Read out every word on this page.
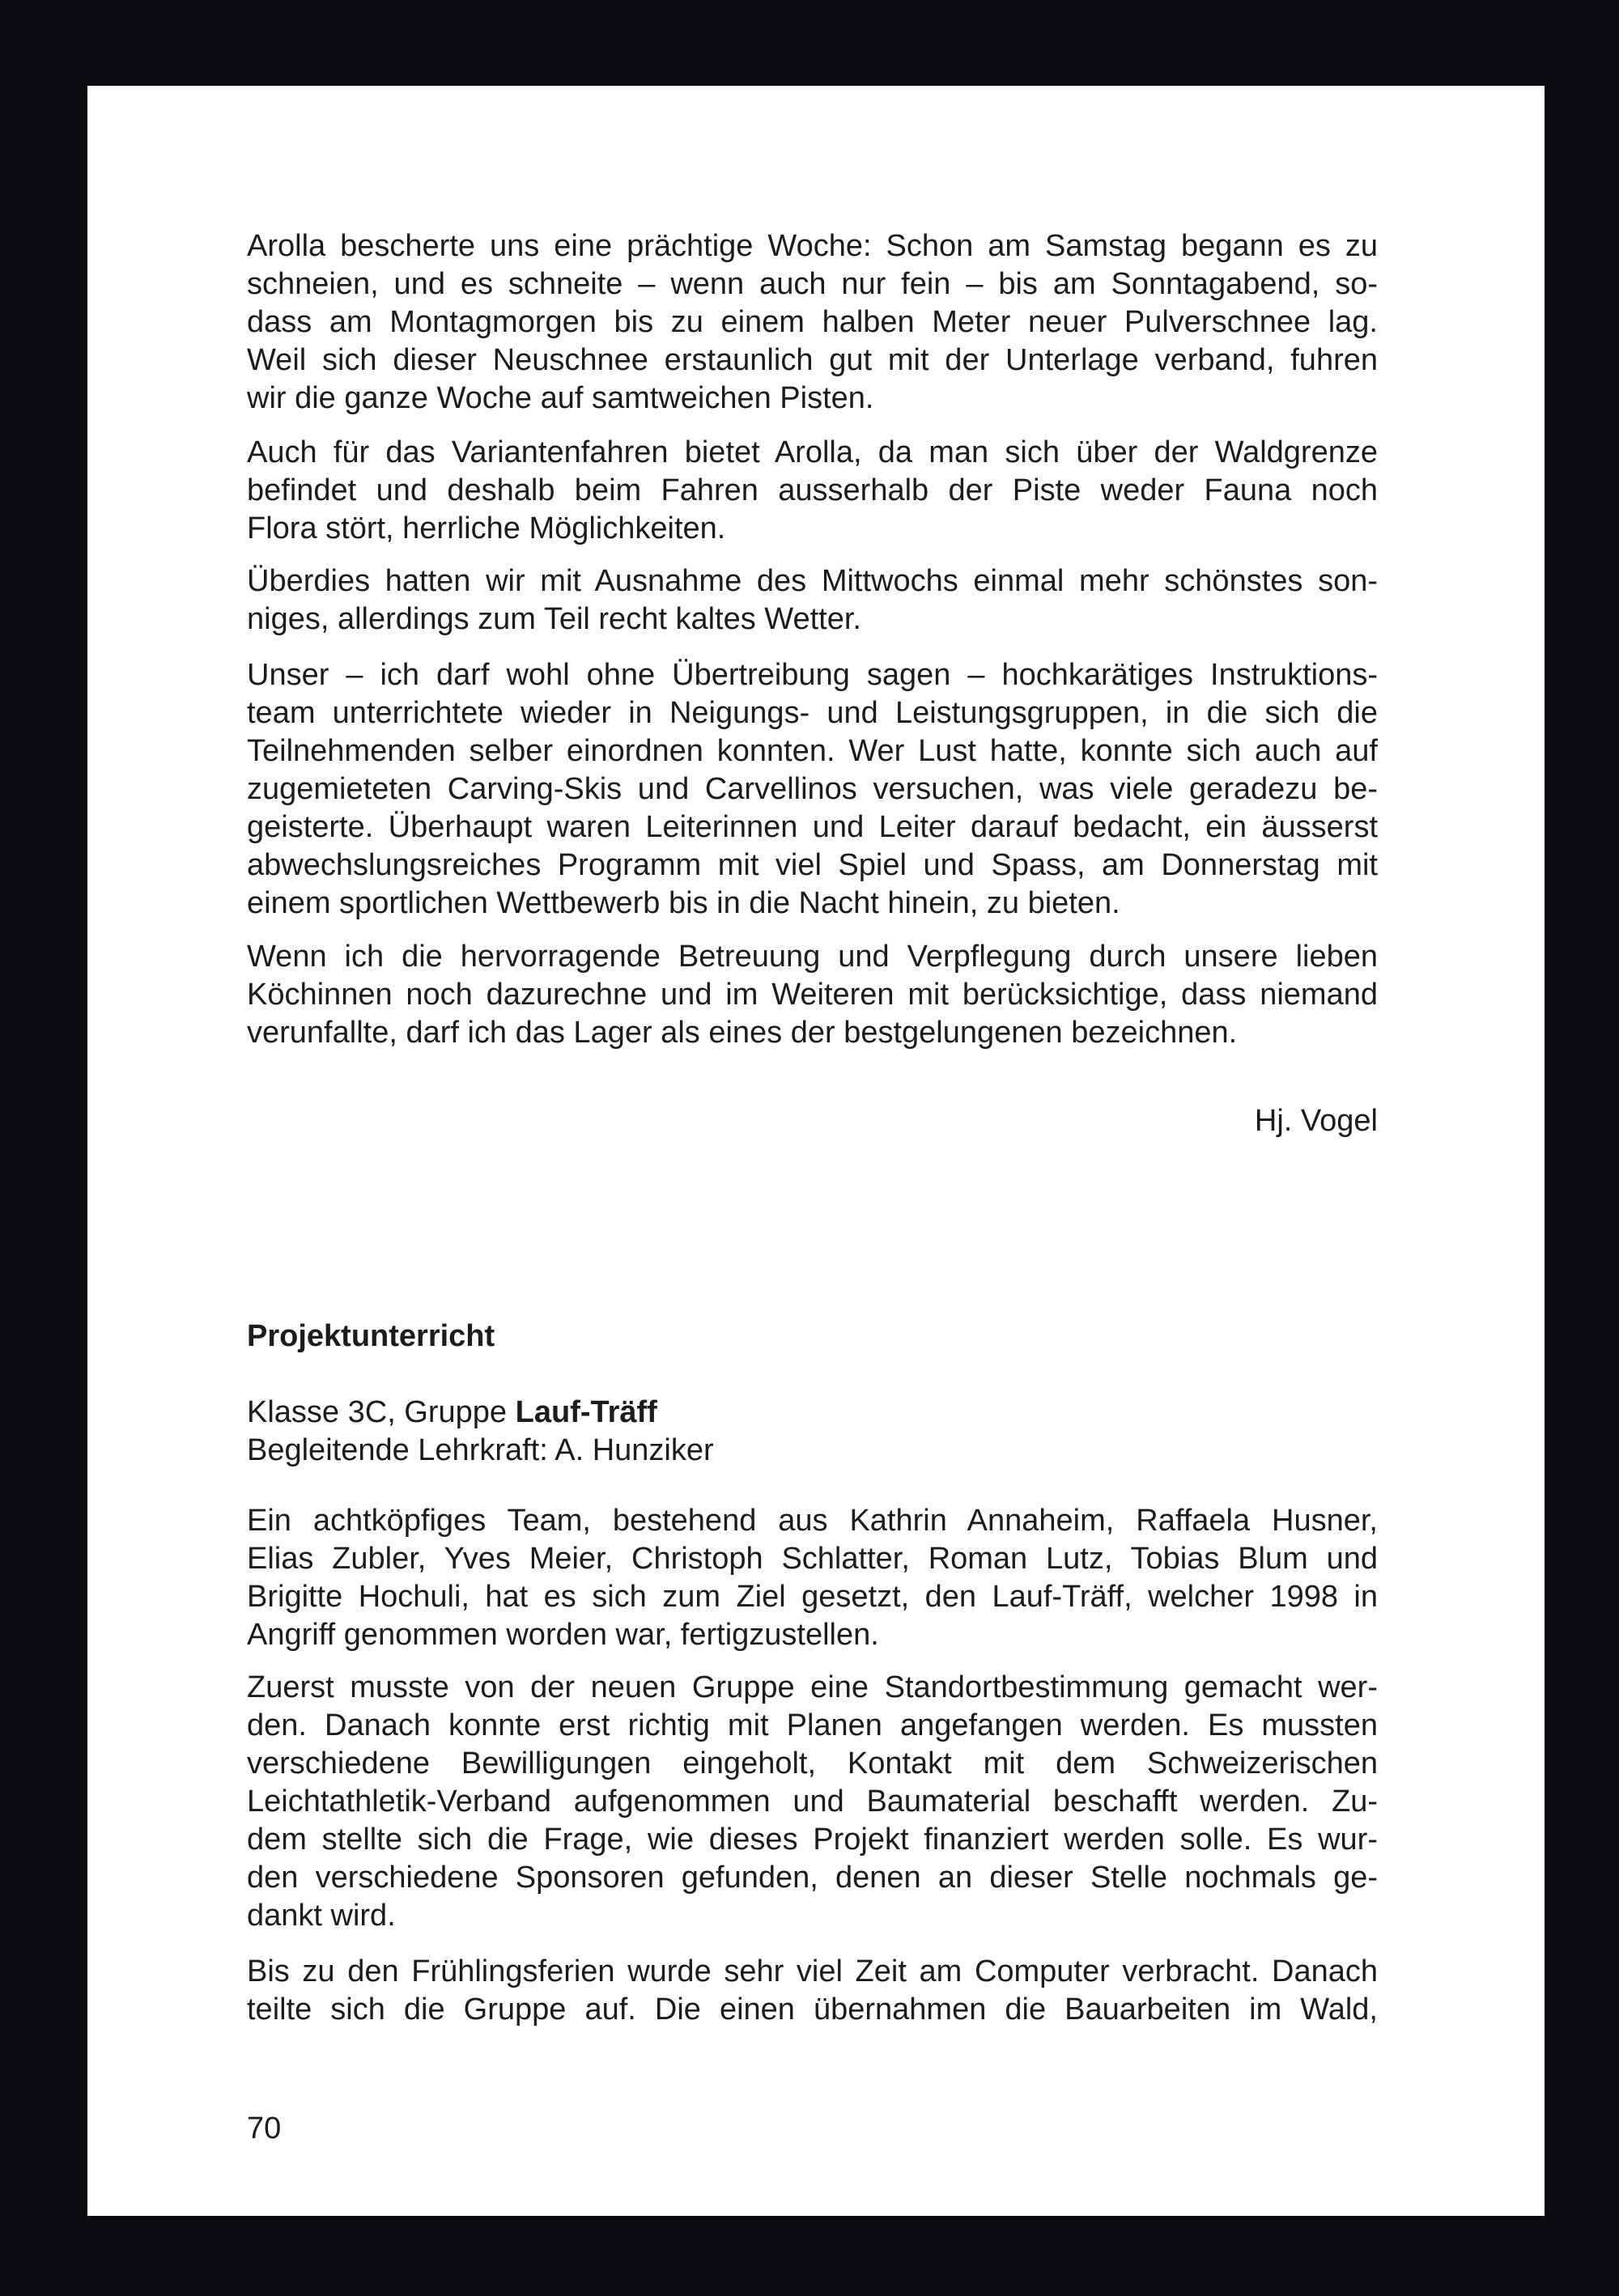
Arolla bescherte uns eine prächtige Woche: Schon am Samstag begann es zu
schneien, und es schneite – wenn auch nur fein – bis am Sonntagabend, so-
dass am Montagmorgen bis zu einem halben Meter neuer Pulverschnee lag.
Weil sich dieser Neuschnee erstaunlich gut mit der Unterlage verband, fuhren
wir die ganze Woche auf samtweichen Pisten.
Auch für das Variantenfahren bietet Arolla, da man sich über der Waldgrenze
befindet und deshalb beim Fahren ausserhalb der Piste weder Fauna noch
Flora stört, herrliche Möglichkeiten.
Überdies hatten wir mit Ausnahme des Mittwochs einmal mehr schönstes son-
niges, allerdings zum Teil recht kaltes Wetter.
Unser – ich darf wohl ohne Übertreibung sagen – hochkarätiges Instruktions-
team unterrichtete wieder in Neigungs- und Leistungsgruppen, in die sich die
Teilnehmenden selber einordnen konnten. Wer Lust hatte, konnte sich auch auf
zugemieteten Carving-Skis und Carvellinos versuchen, was viele geradezu be-
geisterte. Überhaupt waren Leiterinnen und Leiter darauf bedacht, ein äusserst
abwechslungsreiches Programm mit viel Spiel und Spass, am Donnerstag mit
einem sportlichen Wettbewerb bis in die Nacht hinein, zu bieten.
Wenn ich die hervorragende Betreuung und Verpflegung durch unsere lieben
Köchinnen noch dazurechne und im Weiteren mit berücksichtige, dass niemand
verunfallte, darf ich das Lager als eines der bestgelungenen bezeichnen.
Hj. Vogel
Projektunterricht
Klasse 3C, Gruppe Lauf-Träff
Begleitende Lehrkraft: A. Hunziker
Ein achtköpfiges Team, bestehend aus Kathrin Annaheim, Raffaela Husner,
Elias Zubler, Yves Meier, Christoph Schlatter, Roman Lutz, Tobias Blum und
Brigitte Hochuli, hat es sich zum Ziel gesetzt, den Lauf-Träff, welcher 1998 in
Angriff genommen worden war, fertigzustellen.
Zuerst musste von der neuen Gruppe eine Standortbestimmung gemacht wer-
den. Danach konnte erst richtig mit Planen angefangen werden. Es mussten
verschiedene Bewilligungen eingeholt, Kontakt mit dem Schweizerischen
Leichtathletik-Verband aufgenommen und Baumaterial beschafft werden. Zu-
dem stellte sich die Frage, wie dieses Projekt finanziert werden solle. Es wur-
den verschiedene Sponsoren gefunden, denen an dieser Stelle nochmals ge-
dankt wird.
Bis zu den Frühlingsferien wurde sehr viel Zeit am Computer verbracht. Danach
teilte sich die Gruppe auf. Die einen übernahmen die Bauarbeiten im Wald,
70
